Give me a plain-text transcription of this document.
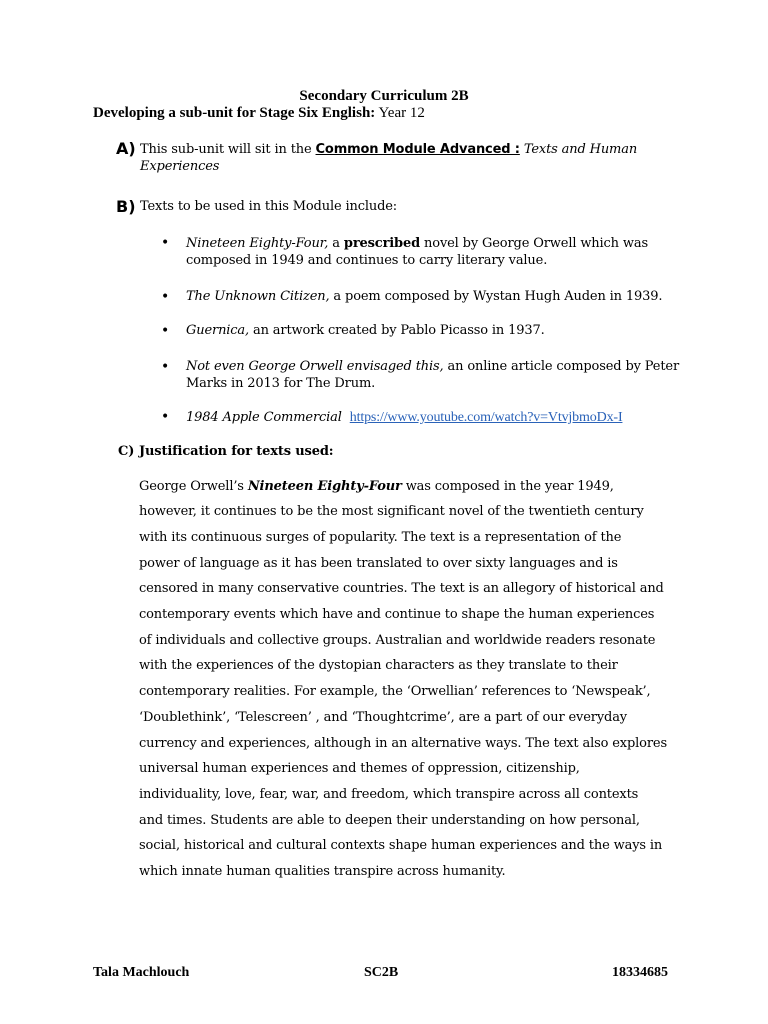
Secondary Curriculum 2B
Developing a sub-unit for Stage Six English: Year 12
A) This sub-unit will sit in the Common Module Advanced : Texts and Human
Experiences
B) Texts to be used in this Module include:
• Nineteen Eighty-Four, a prescribed novel by George Orwell which was
composed in 1949 and continues to carry literary value.
• The Unknown Citizen, a poem composed by Wystan Hugh Auden in 1939.
• Guernica, an artwork created by Pablo Picasso in 1937.
• Not even George Orwell envisaged this, an online article composed by Peter
Marks in 2013 for The Drum.
• 1984 Apple Commercial https://www.youtube.com/watch?v=VtvjbmoDx-I
C) Justification for texts used:
George Orwell’s Nineteen Eighty-Four was composed in the year 1949,
however, it continues to be the most significant novel of the twentieth century
with its continuous surges of popularity. The text is a representation of the
power of language as it has been translated to over sixty languages and is
censored in many conservative countries. The text is an allegory of historical and
contemporary events which have and continue to shape the human experiences
of individuals and collective groups. Australian and worldwide readers resonate
with the experiences of the dystopian characters as they translate to their
contemporary realities. For example, the ‘Orwellian’ references to ‘Newspeak’,
‘Doublethink’, ‘Telescreen’ , and ‘Thoughtcrime’, are a part of our everyday
currency and experiences, although in an alternative ways. The text also explores
universal human experiences and themes of oppression, citizenship,
individuality, love, fear, war, and freedom, which transpire across all contexts
and times. Students are able to deepen their understanding on how personal,
social, historical and cultural contexts shape human experiences and the ways in
which innate human qualities transpire across humanity.
Tala Machlouch	SC2B	18334685
